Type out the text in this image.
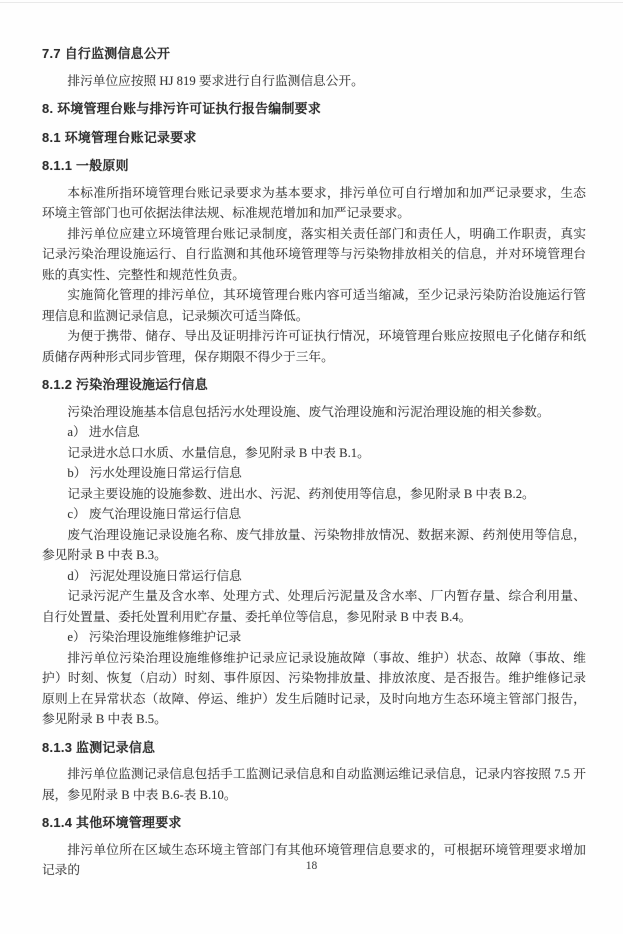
7.7 自行监测信息公开
排污单位应按照 HJ 819 要求进行自行监测信息公开。
8. 环境管理台账与排污许可证执行报告编制要求
8.1 环境管理台账记录要求
8.1.1 一般原则
本标准所指环境管理台账记录要求为基本要求，排污单位可自行增加和加严记录要求，生态环境主管部门也可依据法律法规、标准规范增加和加严记录要求。
排污单位应建立环境管理台账记录制度，落实相关责任部门和责任人，明确工作职责，真实记录污染治理设施运行、自行监测和其他环境管理等与污染物排放相关的信息，并对环境管理台账的真实性、完整性和规范性负责。
实施简化管理的排污单位，其环境管理台账内容可适当缩减，至少记录污染防治设施运行管理信息和监测记录信息，记录频次可适当降低。
为便于携带、储存、导出及证明排污许可证执行情况，环境管理台账应按照电子化储存和纸质储存两种形式同步管理，保存期限不得少于三年。
8.1.2 污染治理设施运行信息
污染治理设施基本信息包括污水处理设施、废气治理设施和污泥治理设施的相关参数。
a） 进水信息
记录进水总口水质、水量信息，参见附录 B 中表 B.1。
b） 污水处理设施日常运行信息
记录主要设施的设施参数、进出水、污泥、药剂使用等信息，参见附录 B 中表 B.2。
c） 废气治理设施日常运行信息
废气治理设施记录设施名称、废气排放量、污染物排放情况、数据来源、药剂使用等信息，参见附录 B 中表 B.3。
d） 污泥处理设施日常运行信息
记录污泥产生量及含水率、处理方式、处理后污泥量及含水率、厂内暂存量、综合利用量、自行处置量、委托处置利用贮存量、委托单位等信息，参见附录 B 中表 B.4。
e） 污染治理设施维修维护记录
排污单位污染治理设施维修维护记录应记录设施故障（事故、维护）状态、故障（事故、维护）时刻、恢复（启动）时刻、事件原因、污染物排放量、排放浓度、是否报告。维护维修记录原则上在异常状态（故障、停运、维护）发生后随时记录，及时向地方生态环境主管部门报告，参见附录 B 中表 B.5。
8.1.3 监测记录信息
排污单位监测记录信息包括手工监测记录信息和自动监测运维记录信息，记录内容按照 7.5 开展，参见附录 B 中表 B.6-表 B.10。
8.1.4 其他环境管理要求
排污单位所在区域生态环境主管部门有其他环境管理信息要求的，可根据环境管理要求增加记录的	18
